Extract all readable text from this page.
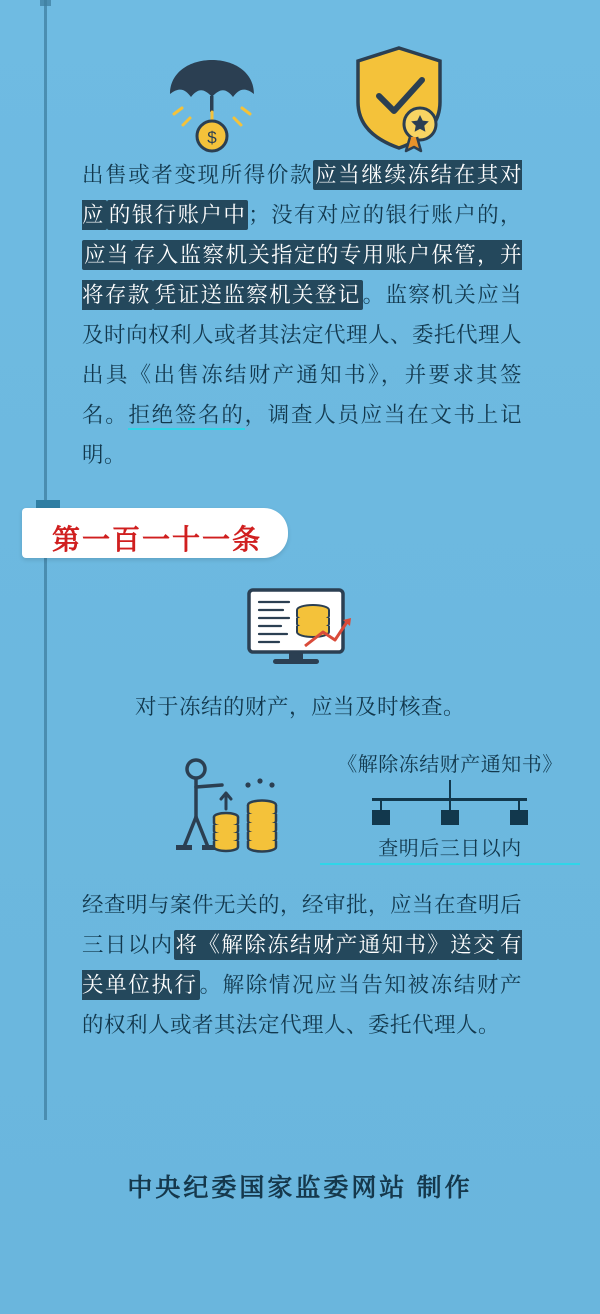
$
出售或者变现所得价款应当继续冻结在其对应 的银行账户中；没有对应的银行账户的，应当 存入监察机关指定的专用账户保管，并将存款 凭证送监察机关登记。监察机关应当及时向权利人或者其法定代理人、委托代理人出具《出售冻结财产通知书》，并要求其签名。拒绝签名的，调查人员应当在文书上记明。
第一百一十一条
对于冻结的财产，应当及时核查。
《解除冻结财产通知书》
查明后三日以内
经查明与案件无关的，经审批，应当在查明后三日以内将《解除冻结财产通知书》送交 有关单位执行。解除情况应当告知被冻结财产的权利人或者其法定代理人、委托代理人。
中央纪委国家监委网站 制作
